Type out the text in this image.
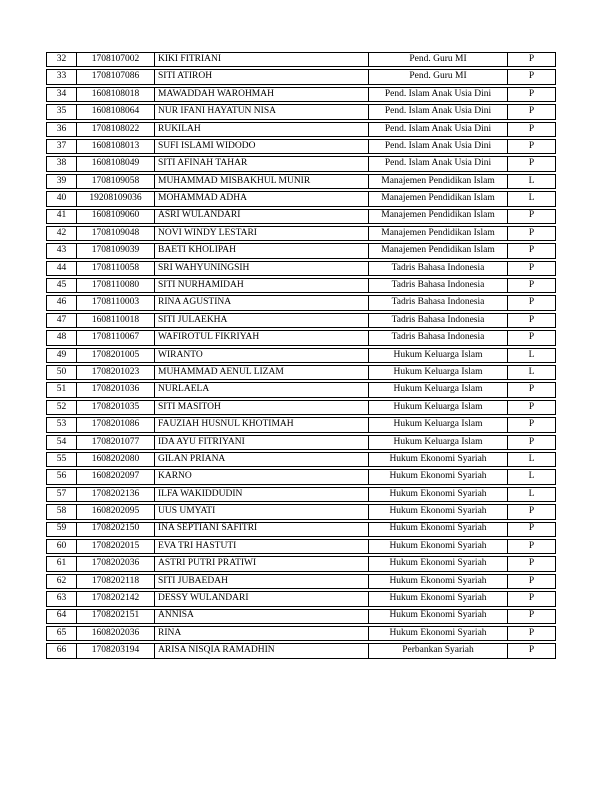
32	1708107002	KIKI FITRIANI	Pend. Guru MI	P
33	1708107086	SITI ATIROH	Pend. Guru MI	P
34	1608108018	MAWADDAH WAROHMAH	Pend. Islam Anak Usia Dini	P
35	1608108064	NUR IFANI HAYATUN NISA	Pend. Islam Anak Usia Dini	P
36	1708108022	RUKILAH	Pend. Islam Anak Usia Dini	P
37	1608108013	SUFI ISLAMI WIDODO	Pend. Islam Anak Usia Dini	P
38	1608108049	SITI AFINAH TAHAR	Pend. Islam Anak Usia Dini	P
39	1708109058	MUHAMMAD MISBAKHUL MUNIR	Manajemen Pendidikan Islam	L
40	19208109036	MOHAMMAD ADHA	Manajemen Pendidikan Islam	L
41	1608109060	ASRI WULANDARI	Manajemen Pendidikan Islam	P
42	1708109048	NOVI WINDY LESTARI	Manajemen Pendidikan Islam	P
43	1708109039	BAETI KHOLIPAH	Manajemen Pendidikan Islam	P
44	1708110058	SRI WAHYUNINGSIH	Tadris Bahasa Indonesia	P
45	1708110080	SITI NURHAMIDAH	Tadris Bahasa Indonesia	P
46	1708110003	RINA AGUSTINA	Tadris Bahasa Indonesia	P
47	1608110018	SITI JULAEKHA	Tadris Bahasa Indonesia	P
48	1708110067	WAFIROTUL FIKRIYAH	Tadris Bahasa Indonesia	P
49	1708201005	WIRANTO	Hukum Keluarga Islam	L
50	1708201023	MUHAMMAD AENUL LIZAM	Hukum Keluarga Islam	L
51	1708201036	NURLAELA	Hukum Keluarga Islam	P
52	1708201035	SITI MASITOH	Hukum Keluarga Islam	P
53	1708201086	FAUZIAH HUSNUL KHOTIMAH	Hukum Keluarga Islam	P
54	1708201077	IDA AYU FITRIYANI	Hukum Keluarga Islam	P
55	1608202080	GILAN PRIANA	Hukum Ekonomi Syariah	L
56	1608202097	KARNO	Hukum Ekonomi Syariah	L
57	1708202136	ILFA WAKIDDUDIN	Hukum Ekonomi Syariah	L
58	1608202095	UUS UMYATI	Hukum Ekonomi Syariah	P
59	1708202150	INA SEPTIANI SAFITRI	Hukum Ekonomi Syariah	P
60	1708202015	EVA TRI HASTUTI	Hukum Ekonomi Syariah	P
61	1708202036	ASTRI PUTRI PRATIWI	Hukum Ekonomi Syariah	P
62	1708202118	SITI JUBAEDAH	Hukum Ekonomi Syariah	P
63	1708202142	DESSY WULANDARI	Hukum Ekonomi Syariah	P
64	1708202151	ANNISA	Hukum Ekonomi Syariah	P
65	1608202036	RINA	Hukum Ekonomi Syariah	P
66	1708203194	ARISA NISQIA RAMADHIN	Perbankan Syariah	P
